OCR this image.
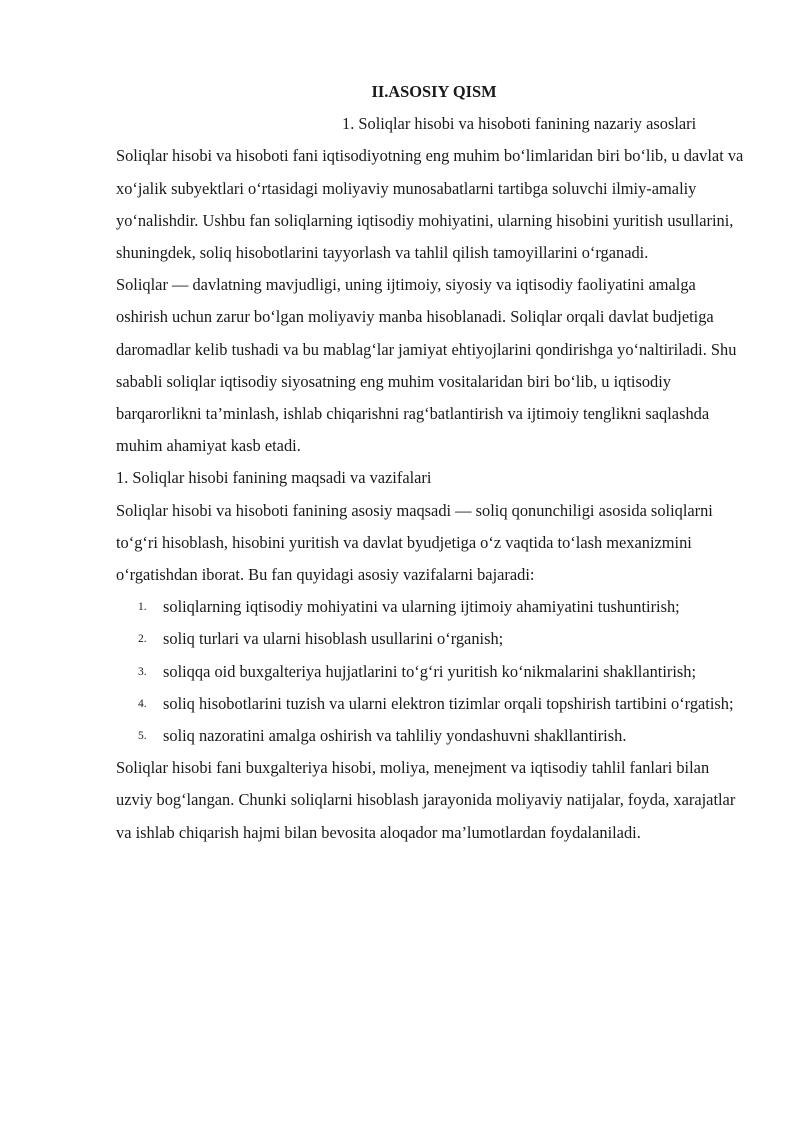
II.ASOSIY QISM

1. Soliqlar hisobi va hisoboti fanining nazariy asoslari

Soliqlar hisobi va hisoboti fani iqtisodiyotning eng muhim bo‘limlaridan biri bo‘lib, u davlat va xo‘jalik subyektlari o‘rtasidagi moliyaviy munosabatlarni tartibga soluvchi ilmiy-amaliy yo‘nalishdir. Ushbu fan soliqlarning iqtisodiy mohiyatini, ularning hisobini yuritish usullarini, shuningdek, soliq hisobotlarini tayyorlash va tahlil qilish tamoyillarini o‘rganadi.

Soliqlar — davlatning mavjudligi, uning ijtimoiy, siyosiy va iqtisodiy faoliyatini amalga oshirish uchun zarur bo‘lgan moliyaviy manba hisoblanadi. Soliqlar orqali davlat budjetiga daromadlar kelib tushadi va bu mablag‘lar jamiyat ehtiyojlarini qondirishga yo‘naltiriladi. Shu sababli soliqlar iqtisodiy siyosatning eng muhim vositalaridan biri bo‘lib, u iqtisodiy barqarorlikni ta’minlash, ishlab chiqarishni rag‘batlantirish va ijtimoiy tenglikni saqlashda muhim ahamiyat kasb etadi.

1. Soliqlar hisobi fanining maqsadi va vazifalari

Soliqlar hisobi va hisoboti fanining asosiy maqsadi — soliq qonunchiligi asosida soliqlarni to‘g‘ri hisoblash, hisobini yuritish va davlat byudjetiga o‘z vaqtida to‘lash mexanizmini o‘rgatishdan iborat. Bu fan quyidagi asosiy vazifalarni bajaradi:

1. soliqlarning iqtisodiy mohiyatini va ularning ijtimoiy ahamiyatini tushuntirish;
2. soliq turlari va ularni hisoblash usullarini o‘rganish;
3. soliqqa oid buxgalteriya hujjatlarini to‘g‘ri yuritish ko‘nikmalarini shakllantirish;
4. soliq hisobotlarini tuzish va ularni elektron tizimlar orqali topshirish tartibini o‘rgatish;
5. soliq nazoratini amalga oshirish va tahliliy yondashuvni shakllantirish.

Soliqlar hisobi fani buxgalteriya hisobi, moliya, menejment va iqtisodiy tahlil fanlari bilan uzviy bog‘langan. Chunki soliqlarni hisoblash jarayonida moliyaviy natijalar, foyda, xarajatlar va ishlab chiqarish hajmi bilan bevosita aloqador ma’lumotlardan foydalaniladi.
